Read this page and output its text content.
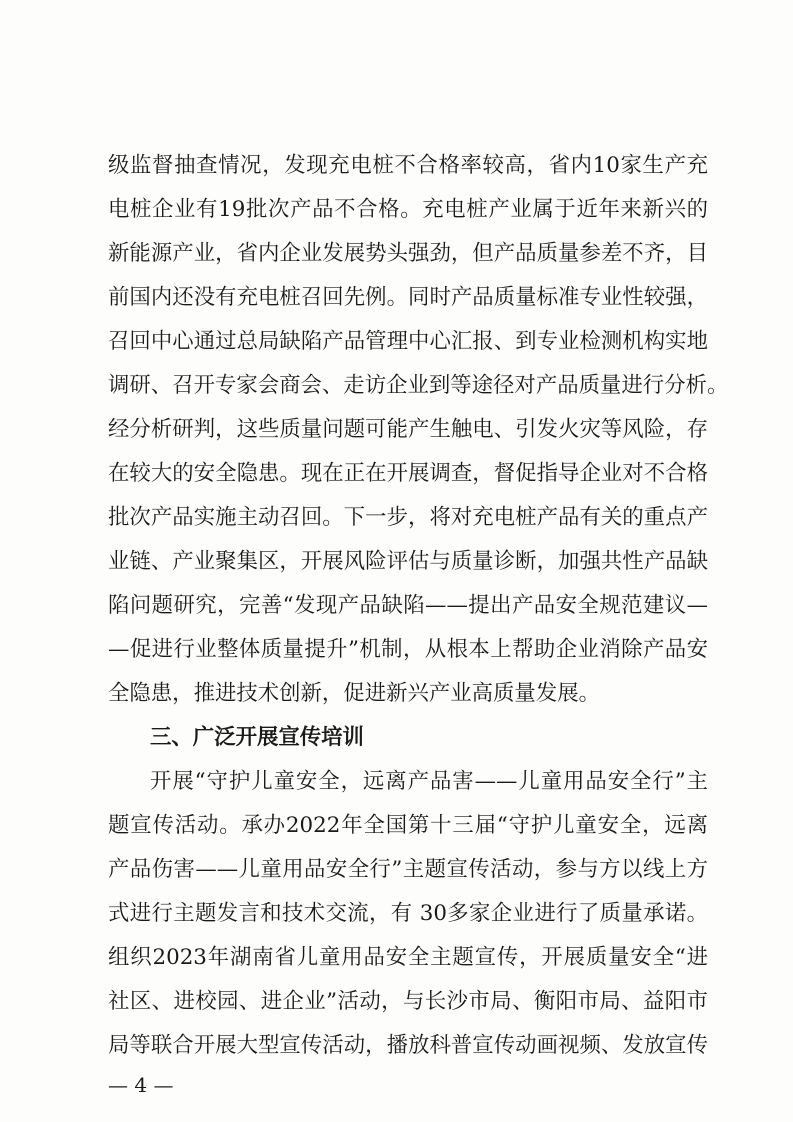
级监督抽查情况，发现充电桩不合格率较高，省内10家生产充
电桩企业有19批次产品不合格。充电桩产业属于近年来新兴的
新能源产业，省内企业发展势头强劲，但产品质量参差不齐，目
前国内还没有充电桩召回先例。同时产品质量标准专业性较强，
召回中心通过总局缺陷产品管理中心汇报、到专业检测机构实地
调研、召开专家会商会、走访企业到等途径对产品质量进行分析。
经分析研判，这些质量问题可能产生触电、引发火灾等风险，存
在较大的安全隐患。现在正在开展调查，督促指导企业对不合格
批次产品实施主动召回。下一步，将对充电桩产品有关的重点产
业链、产业聚集区，开展风险评估与质量诊断，加强共性产品缺
陷问题研究，完善“发现产品缺陷——提出产品安全规范建议—
—促进行业整体质量提升”机制，从根本上帮助企业消除产品安
全隐患，推进技术创新，促进新兴产业高质量发展。
三、广泛开展宣传培训
开展“守护儿童安全，远离产品害——儿童用品安全行”主
题宣传活动。承办2022年全国第十三届“守护儿童安全，远离
产品伤害——儿童用品安全行”主题宣传活动，参与方以线上方
式进行主题发言和技术交流，有 30多家企业进行了质量承诺。
组织2023年湖南省儿童用品安全主题宣传，开展质量安全“进
社区、进校园、进企业”活动，与长沙市局、衡阳市局、益阳市
局等联合开展大型宣传活动，播放科普宣传动画视频、发放宣传
— 4 —
